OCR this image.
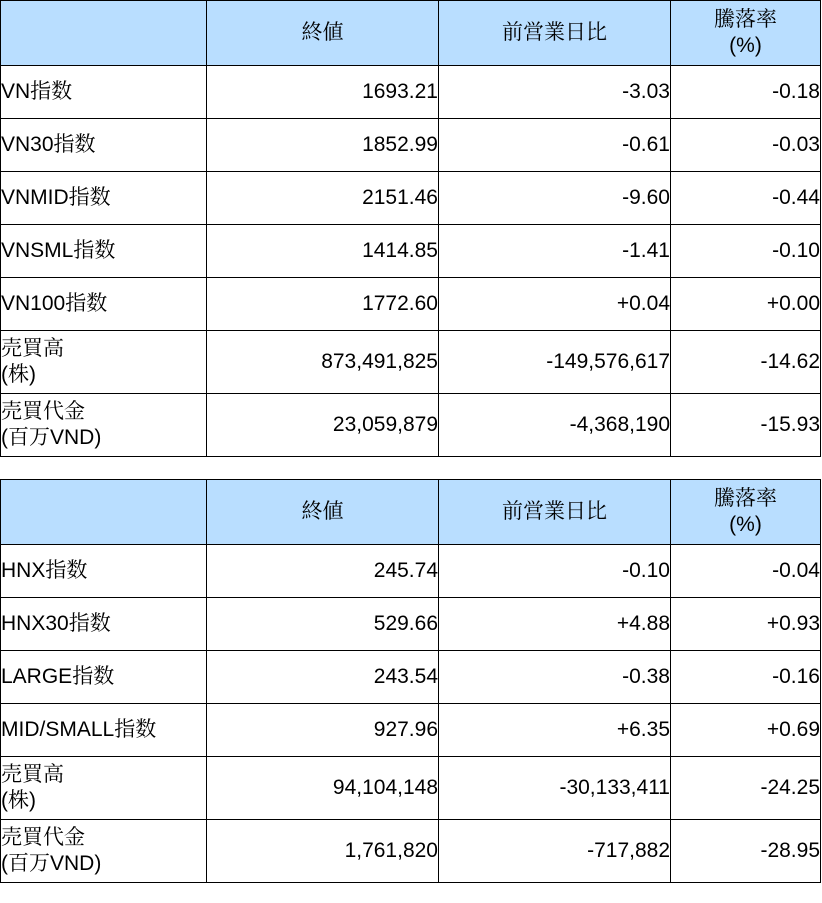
	終値	前営業日比	騰落率
(%)

VN指数	1693.21	-3.03	-0.18

VN30指数	1852.99	-0.61	-0.03

VNMID指数	2151.46	-9.60	-0.44

VNSML指数	1414.85	-1.41	-0.10

VN100指数	1772.60	+0.04	+0.00

売買高
(株)	873,491,825	-149,576,617	-14.62

売買代金
(百万VND)	23,059,879	-4,368,190	-15.93
	終値	前営業日比	騰落率
(%)

HNX指数	245.74	-0.10	-0.04

HNX30指数	529.66	+4.88	+0.93

LARGE指数	243.54	-0.38	-0.16

MID/SMALL指数	927.96	+6.35	+0.69

売買高
(株)	94,104,148	-30,133,411	-24.25

売買代金
(百万VND)	1,761,820	-717,882	-28.95
